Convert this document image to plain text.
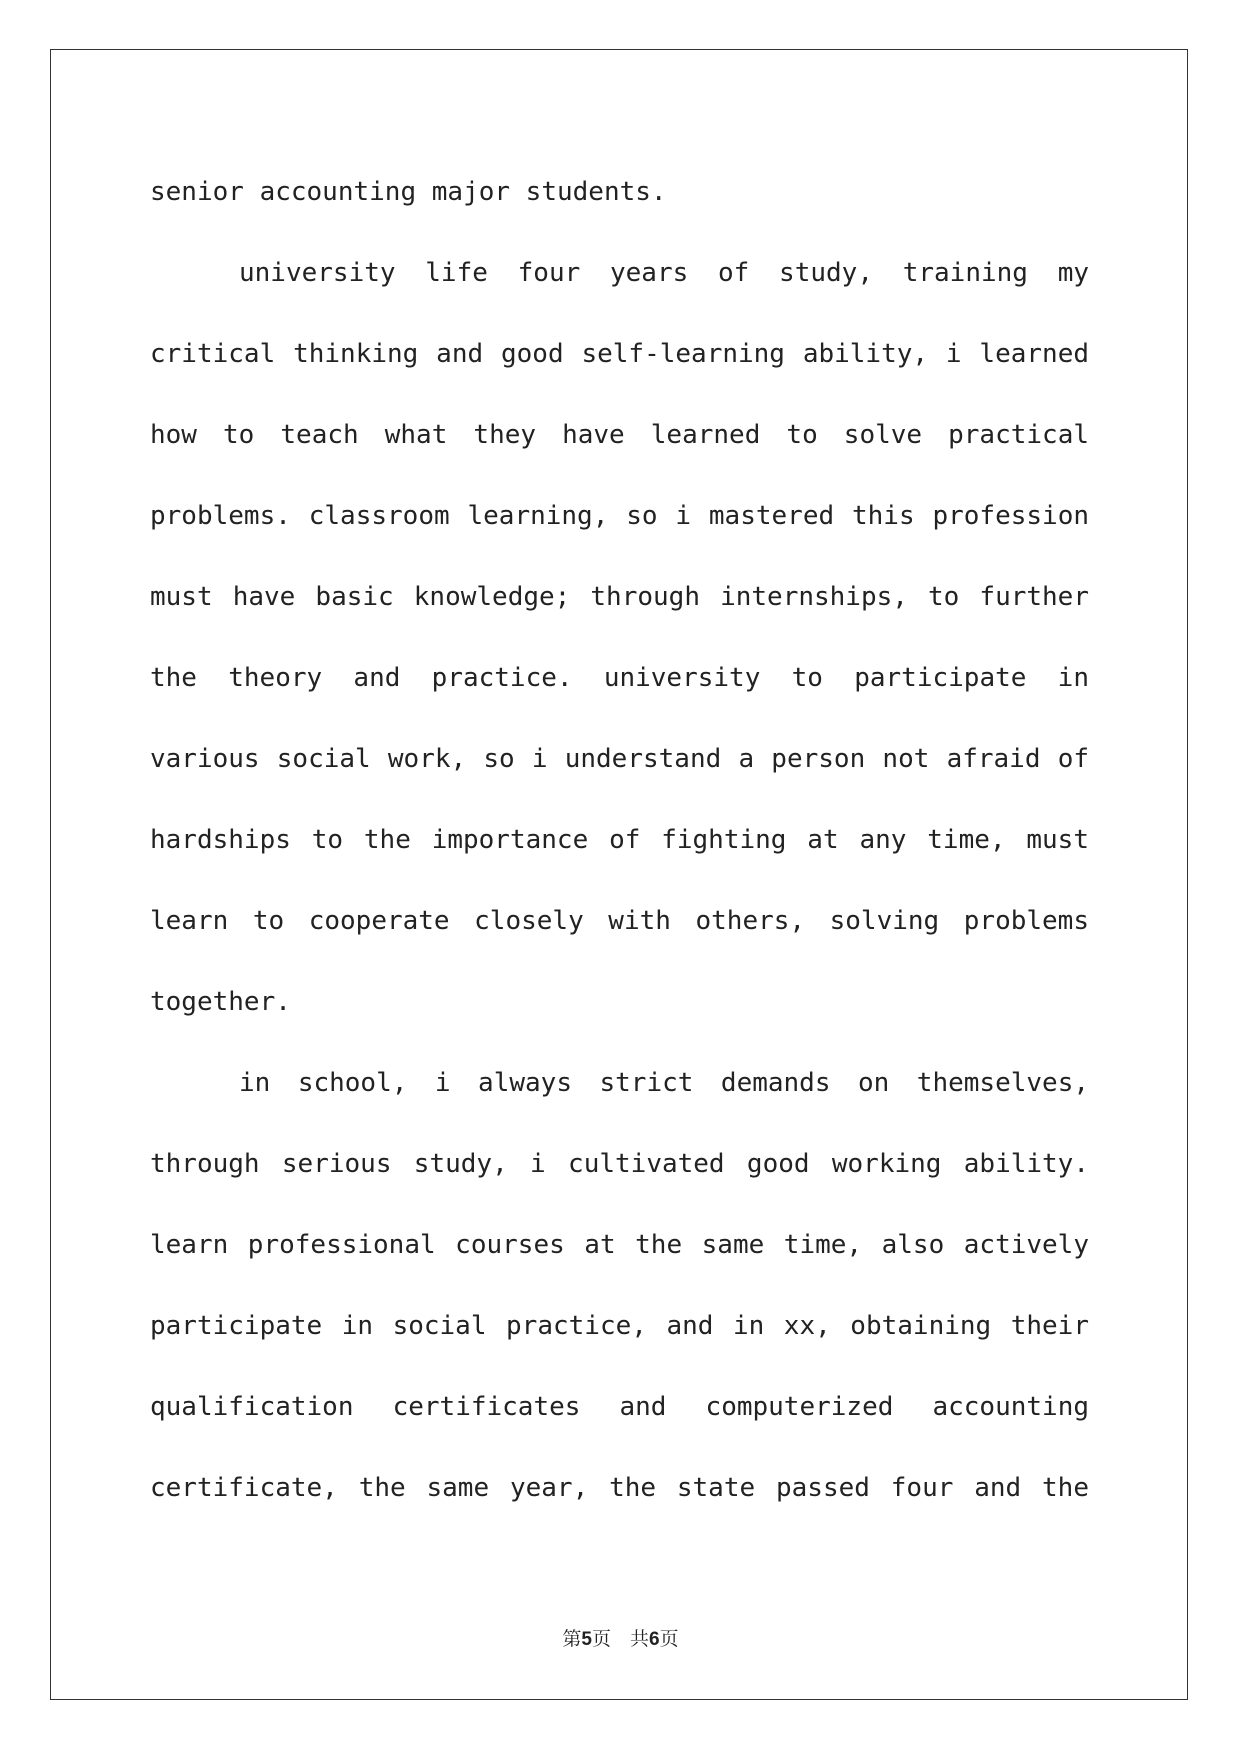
senior accounting major students.
university life four years of study, training my
critical thinking and good self-learning ability, i learned
how to teach what they have learned to solve practical
problems. classroom learning, so i mastered this profession
must have basic knowledge; through internships, to further
the theory and practice. university to participate in
various social work, so i understand a person not afraid of
hardships to the importance of fighting at any time, must
learn to cooperate closely with others, solving problems
together.
in school, i always strict demands on themselves,
through serious study, i cultivated good working ability.
learn professional courses at the same time, also actively
participate in social practice, and in xx, obtaining their
qualification certificates and computerized accounting
certificate, the same year, the state passed four and the
第5页　共6页
